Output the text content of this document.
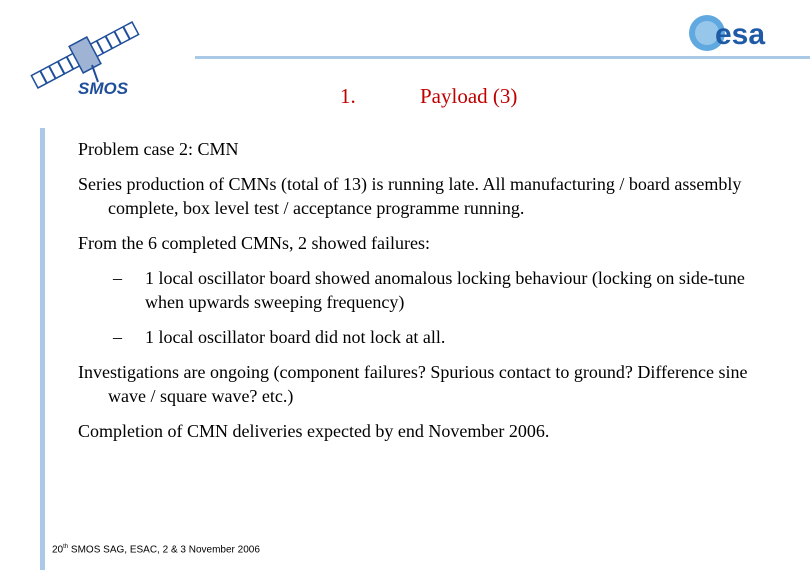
SMOS
esa
1.	Payload (3)

Problem case 2: CMN

Series production of CMNs (total of 13) is running late. All manufacturing / board assembly complete, box level test / acceptance programme running.

From the 6 completed CMNs, 2 showed failures:

– 1 local oscillator board showed anomalous locking behaviour (locking on side-tune when upwards sweeping frequency)
– 1 local oscillator board did not lock at all.

Investigations are ongoing (component failures? Spurious contact to ground? Difference sine wave / square wave? etc.)

Completion of CMN deliveries expected by end November 2006.

20th SMOS SAG, ESAC, 2 & 3 November 2006
